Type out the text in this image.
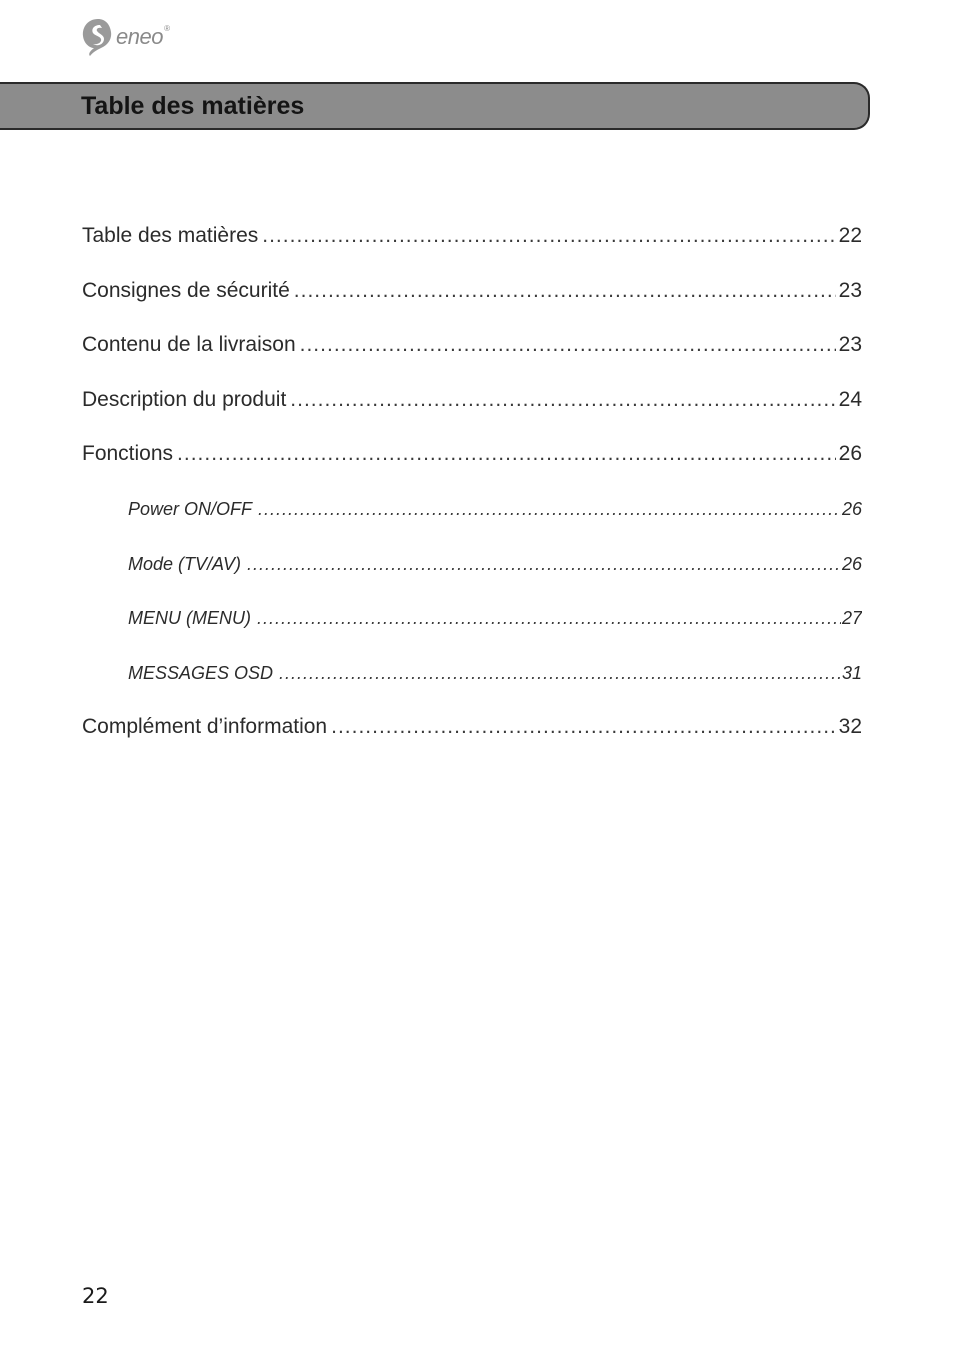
eneo®
Table des matières
Table des matières .....	22
Consignes de sécurité .....	23
Contenu de la livraison .....	23
Description du produit .....	24
Fonctions .....	26
Power ON/OFF .....	26
Mode (TV/AV) .....	26
MENU (MENU) .....	27
MESSAGES OSD .....	31
Complément d’information .....	32
22
